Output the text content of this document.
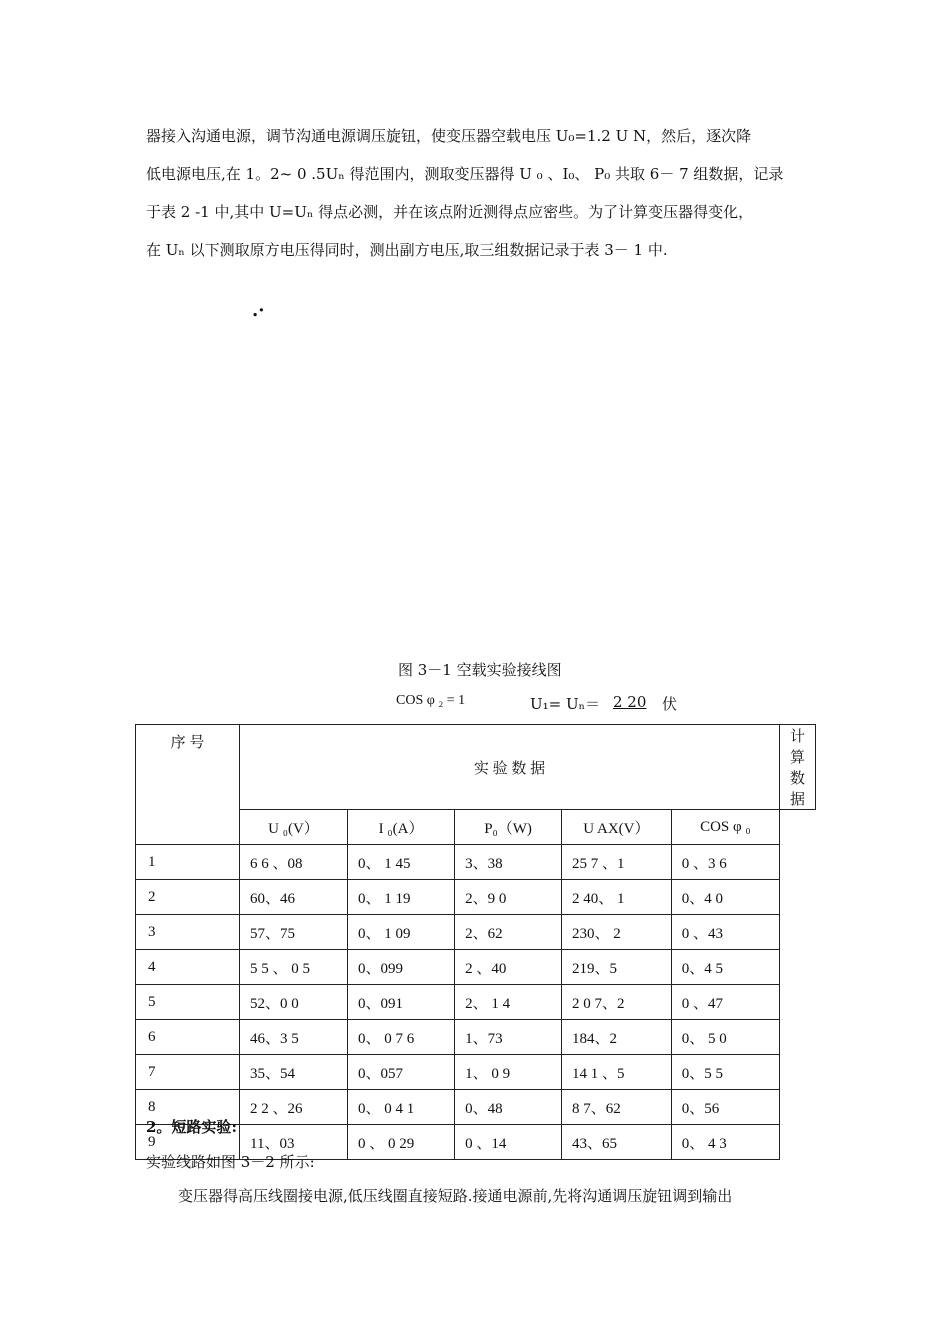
器接入沟通电源，调节沟通电源调压旋钮，使变压器空载电压 U₀=1.2 U N，然后，逐次降
低电源电压,在 1。2~ 0 .5Uₙ 得范围内，测取变压器得 U ₀ 、I₀、 P₀ 共取 6－ 7 组数据，记录
于表 2 -1 中,其中 U=Uₙ 得点必测，并在该点附近测得点应密些。为了计算变压器得变化，
在 Uₙ 以下测取原方电压得同时，测出副方电压,取三组数据记录于表 3－ 1 中.
.·
图 3－1 空载实验接线图
COS φ ₂ = 1	U₁= Uₙ＝ 2 20 伏
序 号	实 验 数 据					计算数据
	U ₀(V）	I ₀(A）	P₀（W)	U AX(V）	COS φ ₀	
1	6 6 、08	0、 1 45	3、38	25 7 、1	0 、3 6	
2	60、46	0、 1 19	2、9 0	2 40、 1	0、4 0	
3	57、75	0、 1 09	2、62	230、 2	0 、43	
4	5 5 、 0 5	0、099	2 、40	219、5	0、4 5	
5	52、0 0	0、091	2、 1 4	2 0 7、2	0 、47	
6	46、3 5	0、 0 7 6	1、73	184、2	0、 5 0	
7	35、54	0、057	1、 0 9	14 1 、5	0、5 5	
8	2 2 、26	0、 0 4 1	0、48	8 7、62	0、56	
9	11、03	0 、 0 29	0 、14	43、65	0、 4 3	
2。短路实验:
实验线路如图 3－2 所示:
变压器得高压线圈接电源,低压线圈直接短路.接通电源前,先将沟通调压旋钮调到输出
